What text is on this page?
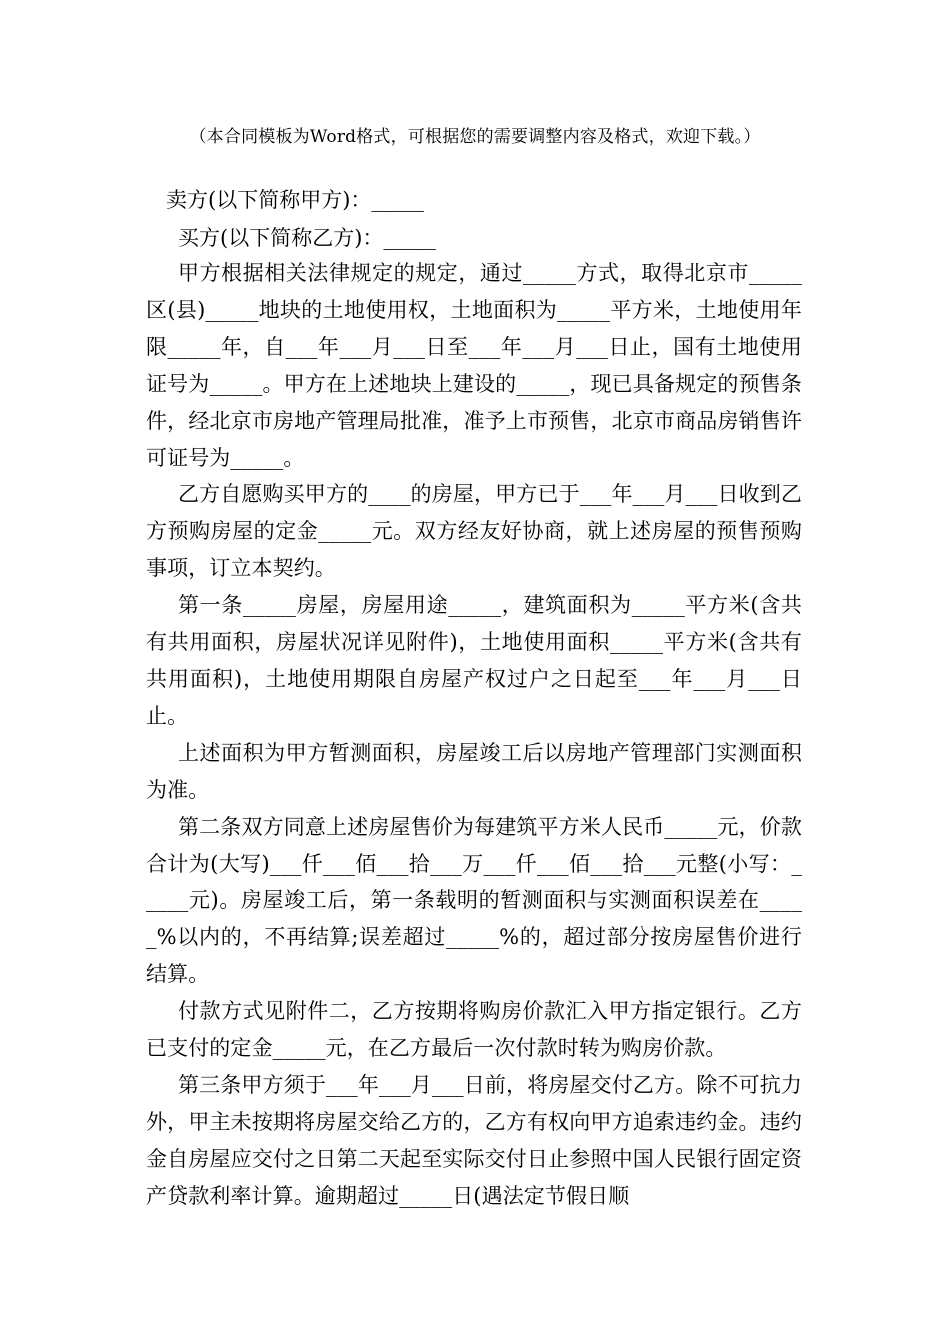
（本合同模板为Word格式，可根据您的需要调整内容及格式，欢迎下载。）
卖方(以下简称甲方)：_____
买方(以下简称乙方)：_____

甲方根据相关法律规定的规定，通过_____方式，取得北京市_____区(县)_____地块的土地使用权，土地面积为_____平方米，土地使用年限_____年，自___年___月___日至___年___月___日止，国有土地使用证号为_____。甲方在上述地块上建设的_____，现已具备规定的预售条件，经北京市房地产管理局批准，准予上市预售，北京市商品房销售许可证号为_____。

乙方自愿购买甲方的____的房屋，甲方已于___年___月___日收到乙方预购房屋的定金_____元。双方经友好协商，就上述房屋的预售预购事项，订立本契约。

第一条_____房屋，房屋用途_____，建筑面积为_____平方米(含共有共用面积，房屋状况详见附件)，土地使用面积_____平方米(含共有共用面积)，土地使用期限自房屋产权过户之日起至___年___月___日止。

上述面积为甲方暂测面积，房屋竣工后以房地产管理部门实测面积为准。

第二条双方同意上述房屋售价为每建筑平方米人民币_____元，价款合计为(大写)___仟___佰___拾___万___仟___佰___拾___元整(小写：_____元)。房屋竣工后，第一条载明的暂测面积与实测面积误差在_____%以内的，不再结算;误差超过_____%的，超过部分按房屋售价进行结算。

付款方式见附件二，乙方按期将购房价款汇入甲方指定银行。乙方已支付的定金_____元，在乙方最后一次付款时转为购房价款。

第三条甲方须于___年___月___日前，将房屋交付乙方。除不可抗力外，甲主未按期将房屋交给乙方的，乙方有权向甲方追索违约金。违约金自房屋应交付之日第二天起至实际交付日止参照中国人民银行固定资产贷款利率计算。逾期超过_____日(遇法定节假日顺
